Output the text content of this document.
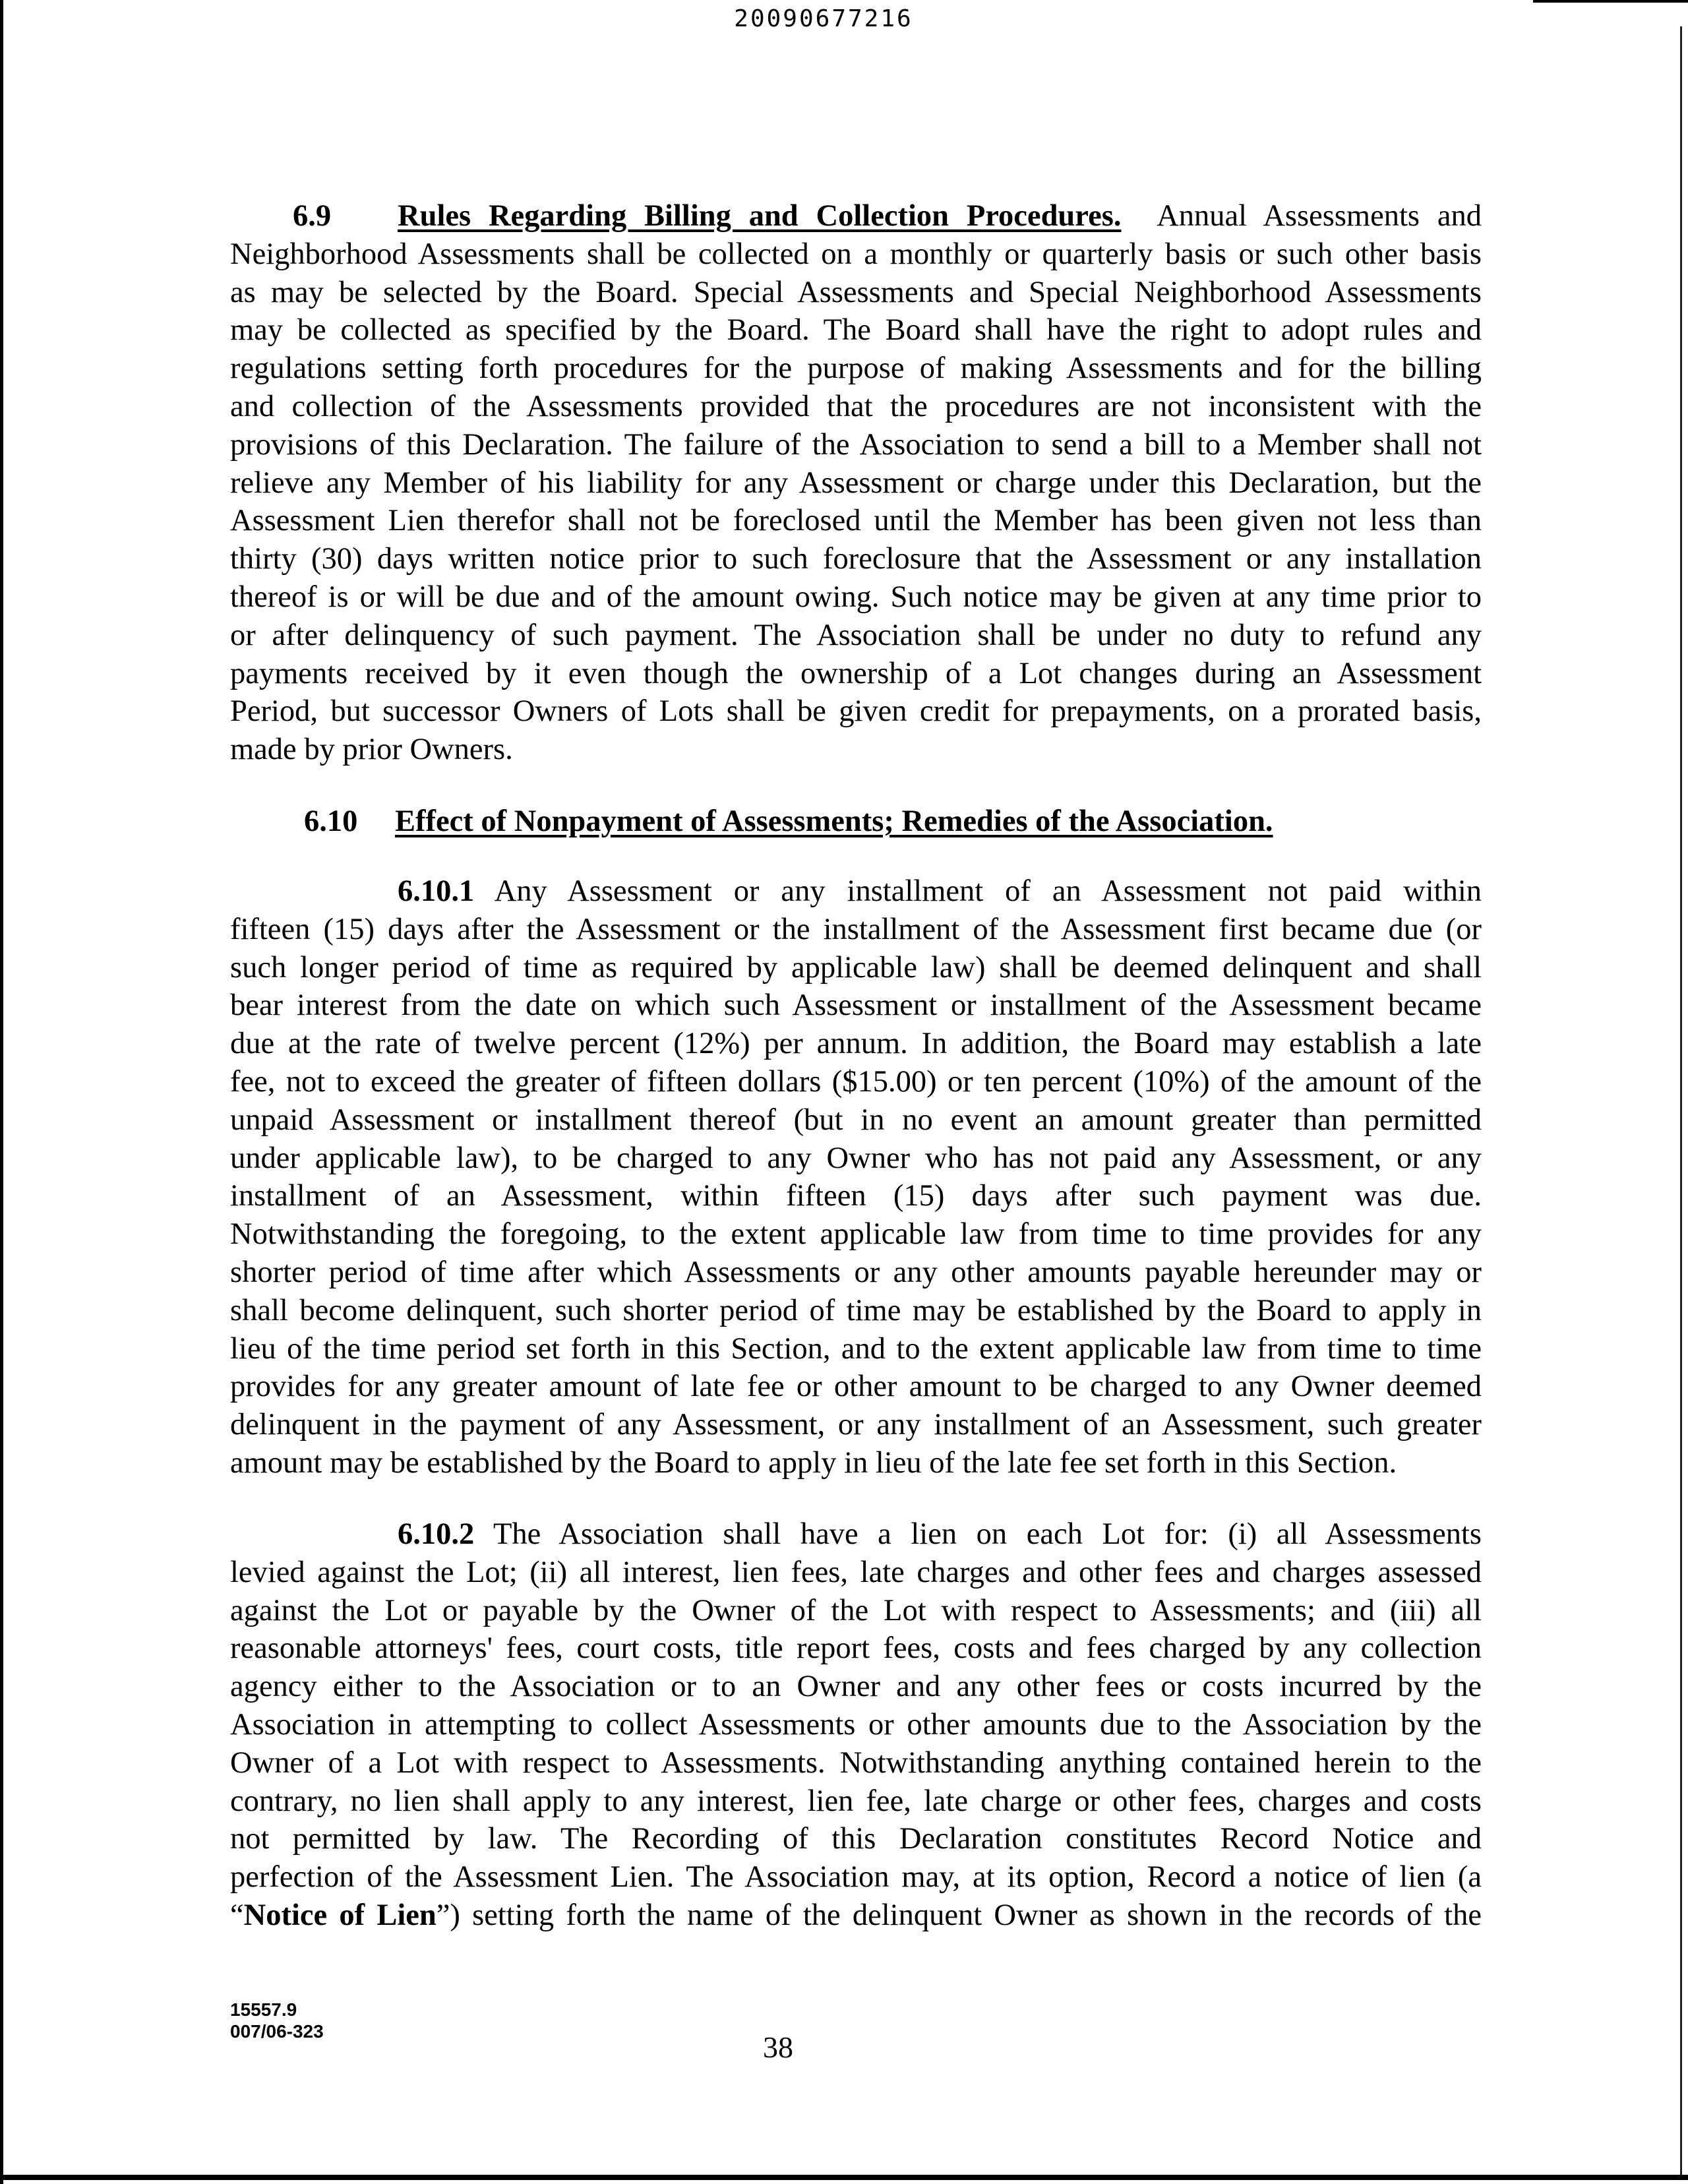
20090677216
6.9 Rules Regarding Billing and Collection Procedures. Annual Assessments and
Neighborhood Assessments shall be collected on a monthly or quarterly basis or such other basis
as may be selected by the Board. Special Assessments and Special Neighborhood Assessments
may be collected as specified by the Board. The Board shall have the right to adopt rules and
regulations setting forth procedures for the purpose of making Assessments and for the billing
and collection of the Assessments provided that the procedures are not inconsistent with the
provisions of this Declaration. The failure of the Association to send a bill to a Member shall not
relieve any Member of his liability for any Assessment or charge under this Declaration, but the
Assessment Lien therefor shall not be foreclosed until the Member has been given not less than
thirty (30) days written notice prior to such foreclosure that the Assessment or any installation
thereof is or will be due and of the amount owing. Such notice may be given at any time prior to
or after delinquency of such payment. The Association shall be under no duty to refund any
payments received by it even though the ownership of a Lot changes during an Assessment
Period, but successor Owners of Lots shall be given credit for prepayments, on a prorated basis,
made by prior Owners.
6.10 Effect of Nonpayment of Assessments; Remedies of the Association.
6.10.1 Any Assessment or any installment of an Assessment not paid within
fifteen (15) days after the Assessment or the installment of the Assessment first became due (or
such longer period of time as required by applicable law) shall be deemed delinquent and shall
bear interest from the date on which such Assessment or installment of the Assessment became
due at the rate of twelve percent (12%) per annum. In addition, the Board may establish a late
fee, not to exceed the greater of fifteen dollars ($15.00) or ten percent (10%) of the amount of the
unpaid Assessment or installment thereof (but in no event an amount greater than permitted
under applicable law), to be charged to any Owner who has not paid any Assessment, or any
installment of an Assessment, within fifteen (15) days after such payment was due.
Notwithstanding the foregoing, to the extent applicable law from time to time provides for any
shorter period of time after which Assessments or any other amounts payable hereunder may or
shall become delinquent, such shorter period of time may be established by the Board to apply in
lieu of the time period set forth in this Section, and to the extent applicable law from time to time
provides for any greater amount of late fee or other amount to be charged to any Owner deemed
delinquent in the payment of any Assessment, or any installment of an Assessment, such greater
amount may be established by the Board to apply in lieu of the late fee set forth in this Section.
6.10.2 The Association shall have a lien on each Lot for: (i) all Assessments
levied against the Lot; (ii) all interest, lien fees, late charges and other fees and charges assessed
against the Lot or payable by the Owner of the Lot with respect to Assessments; and (iii) all
reasonable attorneys' fees, court costs, title report fees, costs and fees charged by any collection
agency either to the Association or to an Owner and any other fees or costs incurred by the
Association in attempting to collect Assessments or other amounts due to the Association by the
Owner of a Lot with respect to Assessments. Notwithstanding anything contained herein to the
contrary, no lien shall apply to any interest, lien fee, late charge or other fees, charges and costs
not permitted by law. The Recording of this Declaration constitutes Record Notice and
perfection of the Assessment Lien. The Association may, at its option, Record a notice of lien (a
“Notice of Lien”) setting forth the name of the delinquent Owner as shown in the records of the
15557.9
007/06-323	38
